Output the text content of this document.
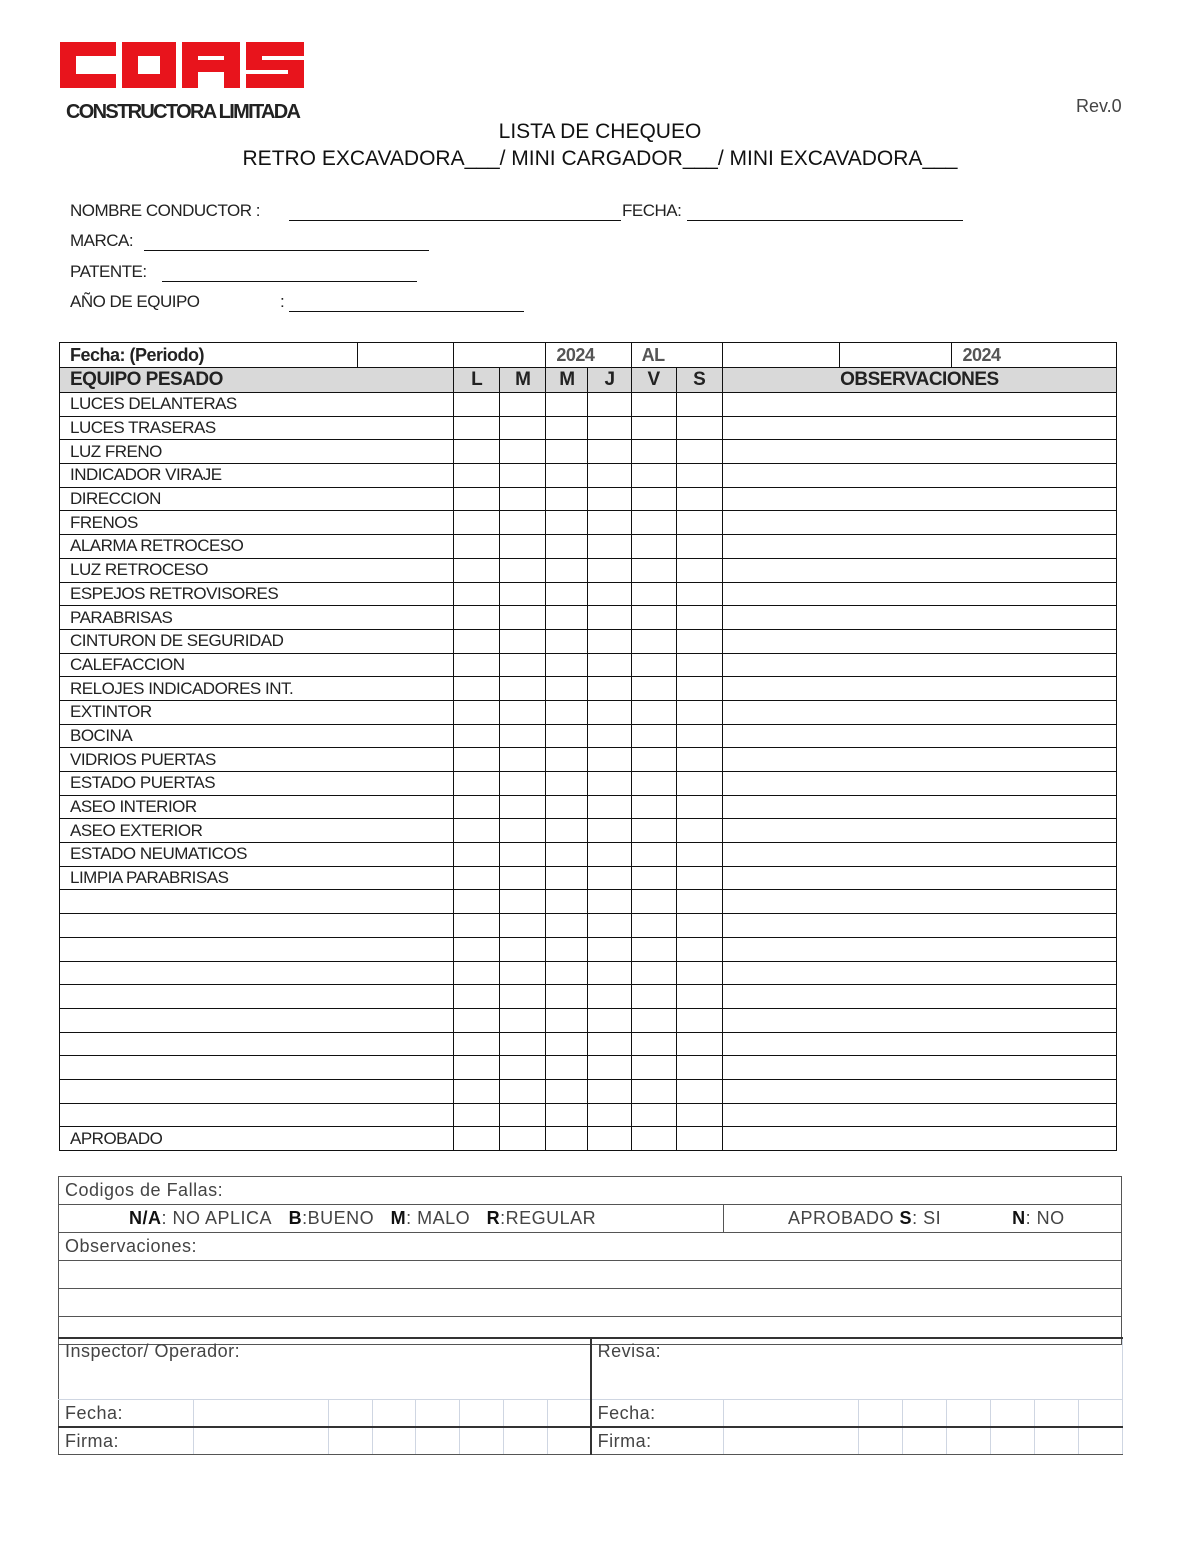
CONSTRUCTORA LIMITADA	Rev.0
LISTA DE CHEQUEO
RETRO EXCAVADORA___/ MINI CARGADOR___/ MINI EXCAVADORA___
NOMBRE CONDUCTOR :	FECHA:
MARCA:
PATENTE:
AÑO DE EQUIPO	:
Fecha: (Periodo)				2024		AL				2024
EQUIPO PESADO		L	M	M	J	V	S	OBSERVACIONES		
LUCES DELANTERAS										
LUCES TRASERAS										
LUZ FRENO										
INDICADOR VIRAJE										
DIRECCION										
FRENOS										
ALARMA RETROCESO										
LUZ RETROCESO										
ESPEJOS RETROVISORES										
PARABRISAS										
CINTURON DE SEGURIDAD										
CALEFACCION										
RELOJES INDICADORES INT.										
EXTINTOR										
BOCINA										
VIDRIOS PUERTAS										
ESTADO PUERTAS										
ASEO INTERIOR										
ASEO EXTERIOR										
ESTADO NEUMATICOS										
LIMPIA PARABRISAS										

APROBADO										
Codigos de Fallas:
N/A: NO APLICA B:BUENO M: MALO R:REGULAR	APROBADO S: SI	N: NO
Observaciones:

Inspector/ Operador:								Revisa:							
Fecha:								Fecha:							
Firma:								Firma:							
